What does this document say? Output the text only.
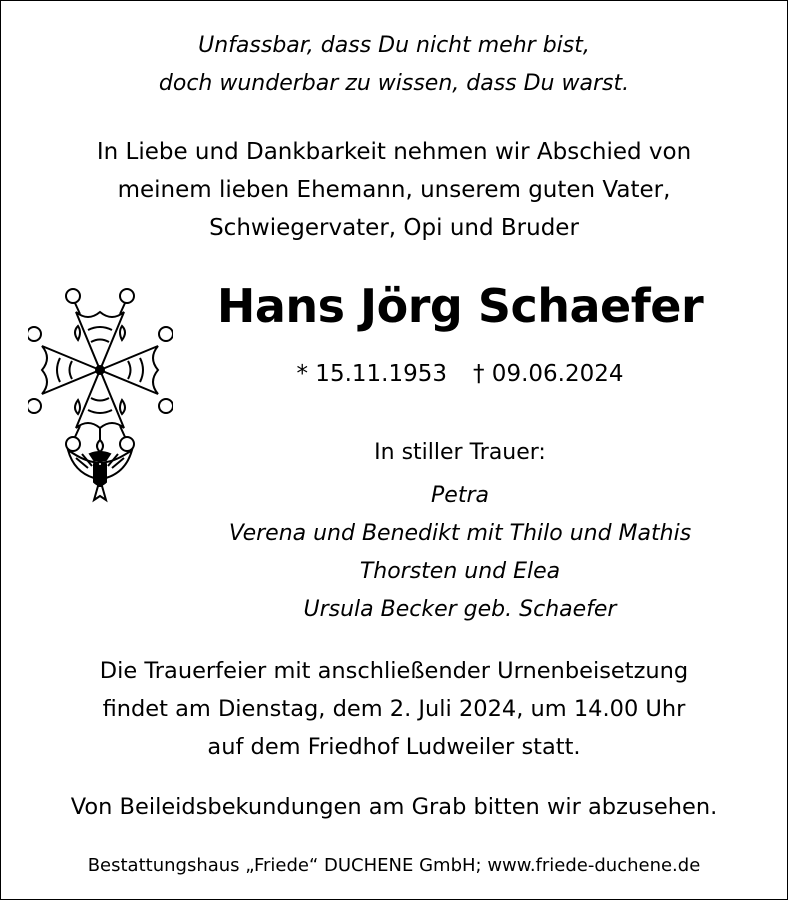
Unfassbar, dass Du nicht mehr bist,
doch wunderbar zu wissen, dass Du warst.
In Liebe und Dankbarkeit nehmen wir Abschied von
meinem lieben Ehemann, unserem guten Vater,
Schwiegervater, Opi und Bruder
Hans Jörg Schaefer
* 15.11.1953 † 09.06.2024
In stiller Trauer:
Petra
Verena und Benedikt mit Thilo und Mathis
Thorsten und Elea
Ursula Becker geb. Schaefer
Die Trauerfeier mit anschließender Urnenbeisetzung
findet am Dienstag, dem 2. Juli 2024, um 14.00 Uhr
auf dem Friedhof Ludweiler statt.
Von Beileidsbekundungen am Grab bitten wir abzusehen.
Bestattungshaus „Friede“ DUCHENE GmbH; www.friede-duchene.de
